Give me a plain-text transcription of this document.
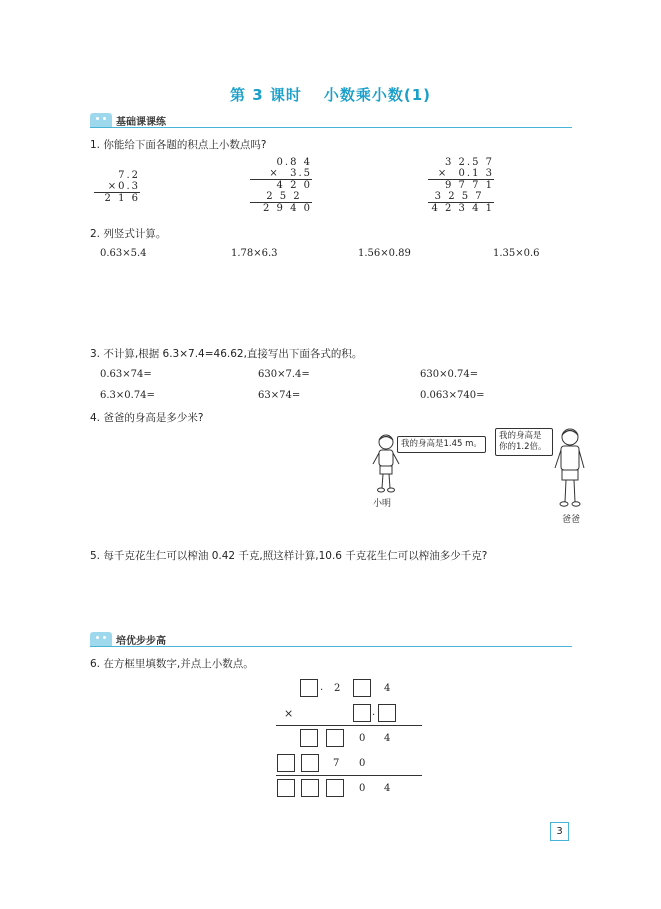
第 3 课时 小数乘小数(1)
基础课课练
1. 你能给下面各题的积点上小数点吗?
7.2
×0.3
2 1 6
0.8 4
×  3.5
4 2 0
2 5 2
2 9 4 0
3 2.5 7
×  0.1 3
9 7 7 1
3 2 5 7
4 2 3 4 1
2. 列竖式计算。
0.63×5.4	1.78×6.3	1.56×0.89	1.35×0.6
3. 不计算,根据 6.3×7.4=46.62,直接写出下面各式的积。
0.63×74=	630×7.4=	630×0.74=
6.3×0.74=	63×74=	0.063×740=
4. 爸爸的身高是多少米?
我的身高是1.45 m。
小明
我的身高是你的1.2倍。
爸爸
5. 每千克花生仁可以榨油 0.42 千克,照这样计算,10.6 千克花生仁可以榨油多少千克?
培优步步高
6. 在方框里填数字,并点上小数点。
. 2	4
×	.
0 4
7 0
0 4
3
